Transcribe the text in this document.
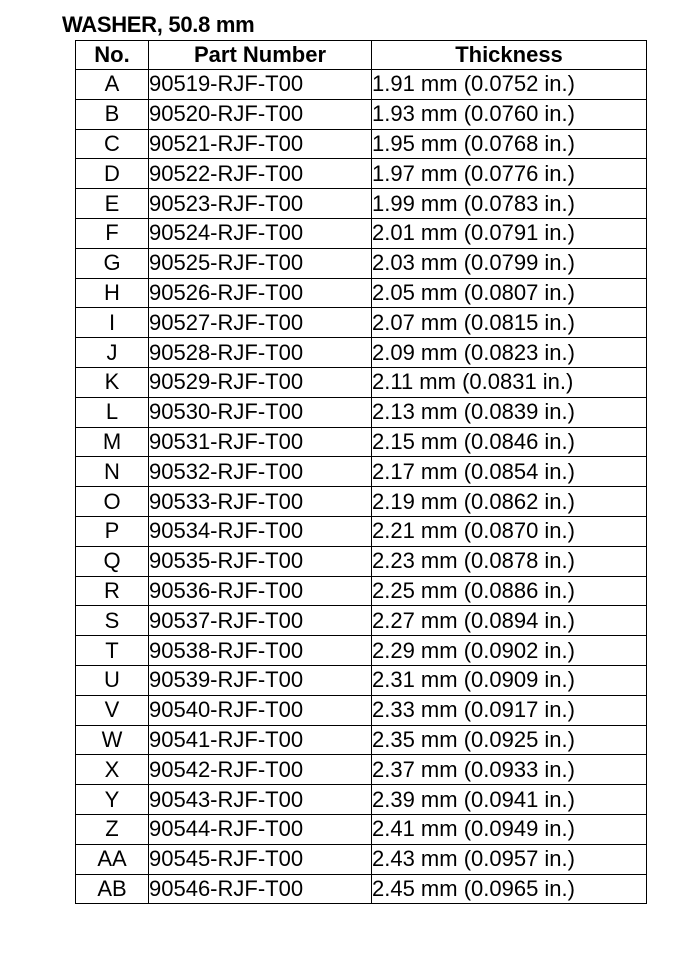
WASHER, 50.8 mm
No.	Part Number	Thickness
A	90519-RJF-T00	1.91 mm (0.0752 in.)
B	90520-RJF-T00	1.93 mm (0.0760 in.)
C	90521-RJF-T00	1.95 mm (0.0768 in.)
D	90522-RJF-T00	1.97 mm (0.0776 in.)
E	90523-RJF-T00	1.99 mm (0.0783 in.)
F	90524-RJF-T00	2.01 mm (0.0791 in.)
G	90525-RJF-T00	2.03 mm (0.0799 in.)
H	90526-RJF-T00	2.05 mm (0.0807 in.)
I	90527-RJF-T00	2.07 mm (0.0815 in.)
J	90528-RJF-T00	2.09 mm (0.0823 in.)
K	90529-RJF-T00	2.11 mm (0.0831 in.)
L	90530-RJF-T00	2.13 mm (0.0839 in.)
M	90531-RJF-T00	2.15 mm (0.0846 in.)
N	90532-RJF-T00	2.17 mm (0.0854 in.)
O	90533-RJF-T00	2.19 mm (0.0862 in.)
P	90534-RJF-T00	2.21 mm (0.0870 in.)
Q	90535-RJF-T00	2.23 mm (0.0878 in.)
R	90536-RJF-T00	2.25 mm (0.0886 in.)
S	90537-RJF-T00	2.27 mm (0.0894 in.)
T	90538-RJF-T00	2.29 mm (0.0902 in.)
U	90539-RJF-T00	2.31 mm (0.0909 in.)
V	90540-RJF-T00	2.33 mm (0.0917 in.)
W	90541-RJF-T00	2.35 mm (0.0925 in.)
X	90542-RJF-T00	2.37 mm (0.0933 in.)
Y	90543-RJF-T00	2.39 mm (0.0941 in.)
Z	90544-RJF-T00	2.41 mm (0.0949 in.)
AA	90545-RJF-T00	2.43 mm (0.0957 in.)
AB	90546-RJF-T00	2.45 mm (0.0965 in.)
